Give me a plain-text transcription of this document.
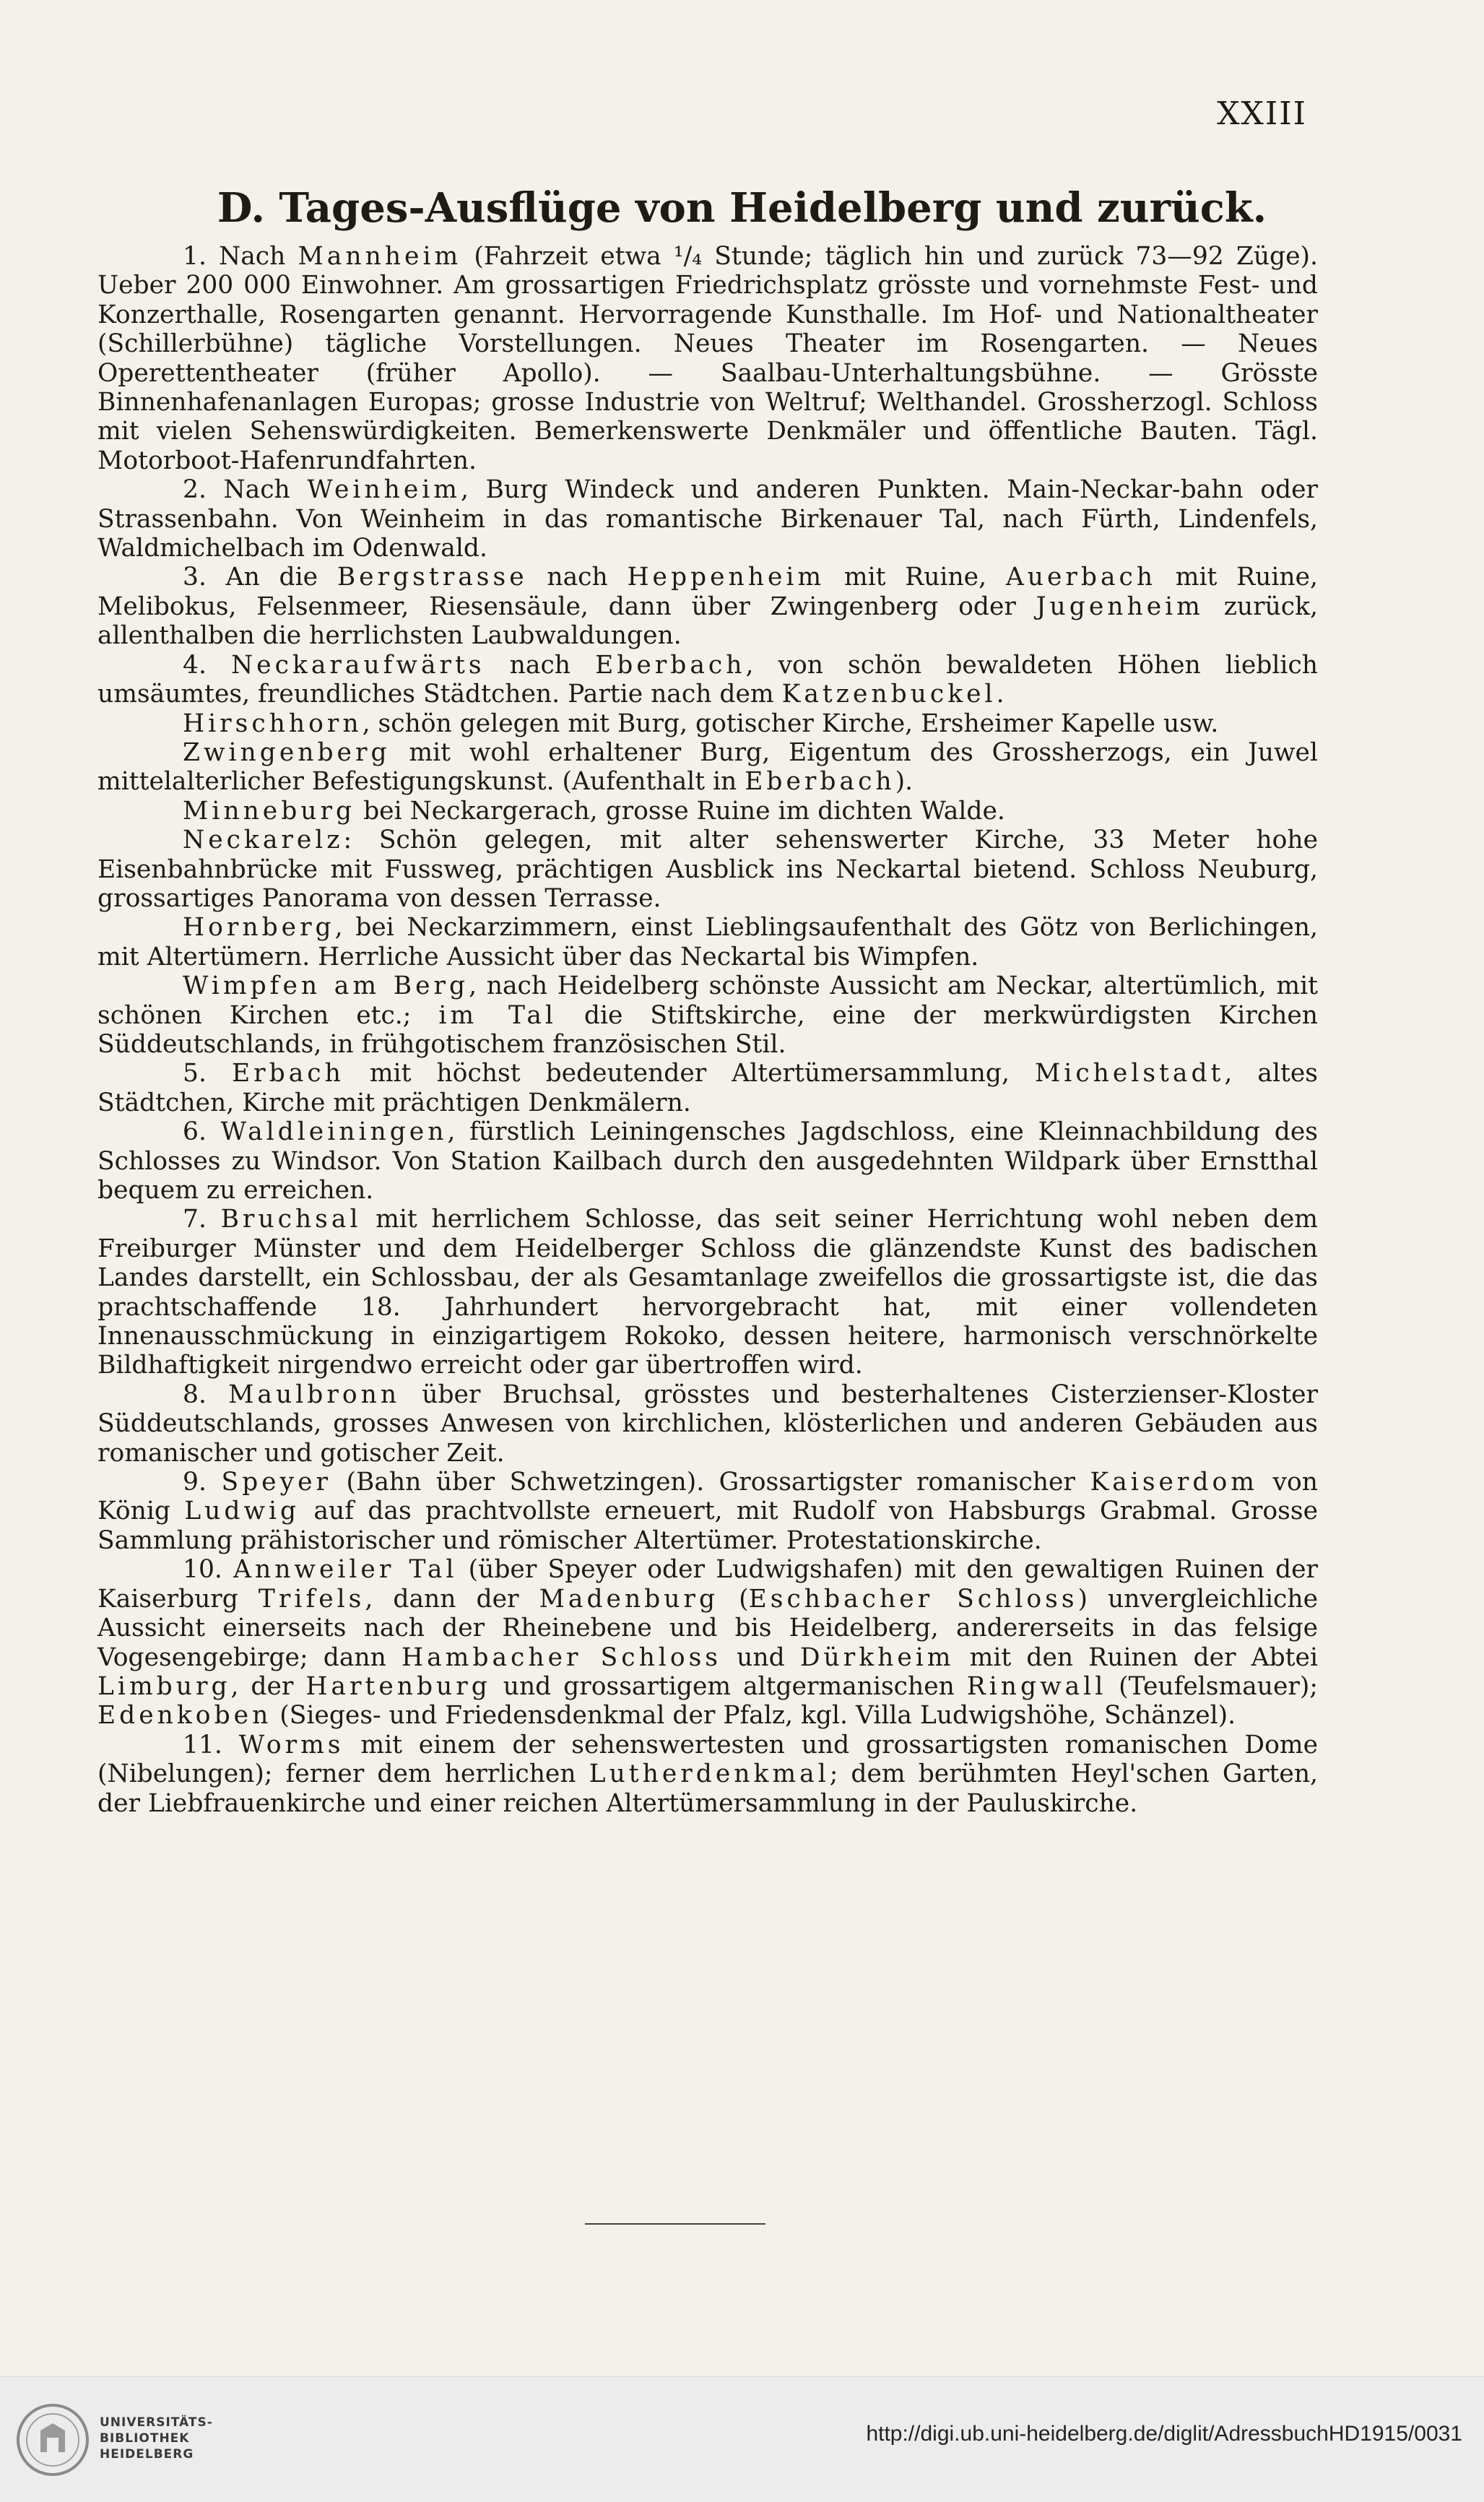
XXIII
D. Tages-Ausflüge von Heidelberg und zurück.

1. Nach Mannheim (Fahrzeit etwa ¹/₄ Stunde; täglich hin und zurück 73—92 Züge). Ueber 200 000 Einwohner. Am grossartigen Friedrichsplatz grösste und vornehmste Fest- und Konzerthalle, Rosengarten genannt. Hervorragende Kunsthalle. Im Hof- und Nationaltheater (Schillerbühne) tägliche Vorstellungen. Neues Theater im Rosengarten. — Neues Operettentheater (früher Apollo). — Saalbau-Unterhaltungsbühne. — Grösste Binnenhafenanlagen Europas; grosse Industrie von Weltruf; Welthandel. Grossherzogl. Schloss mit vielen Sehenswürdigkeiten. Bemerkenswerte Denkmäler und öffentliche Bauten. Tägl. Motorboot-Hafenrundfahrten.

2. Nach Weinheim, Burg Windeck und anderen Punkten. Main-Neckar-bahn oder Strassenbahn. Von Weinheim in das romantische Birkenauer Tal, nach Fürth, Lindenfels, Waldmichelbach im Odenwald.

3. An die Bergstrasse nach Heppenheim mit Ruine, Auerbach mit Ruine, Melibokus, Felsenmeer, Riesensäule, dann über Zwingenberg oder Jugenheim zurück, allenthalben die herrlichsten Laubwaldungen.

4. Neckaraufwärts nach Eberbach, von schön bewaldeten Höhen lieblich umsäumtes, freundliches Städtchen. Partie nach dem Katzenbuckel.

Hirschhorn, schön gelegen mit Burg, gotischer Kirche, Ersheimer Kapelle usw.

Zwingenberg mit wohl erhaltener Burg, Eigentum des Grossherzogs, ein Juwel mittelalterlicher Befestigungskunst. (Aufenthalt in Eberbach).

Minneburg bei Neckargerach, grosse Ruine im dichten Walde.

Neckarelz: Schön gelegen, mit alter sehenswerter Kirche, 33 Meter hohe Eisenbahnbrücke mit Fussweg, prächtigen Ausblick ins Neckartal bietend. Schloss Neuburg, grossartiges Panorama von dessen Terrasse.

Hornberg, bei Neckarzimmern, einst Lieblingsaufenthalt des Götz von Berlichingen, mit Altertümern. Herrliche Aussicht über das Neckartal bis Wimpfen.

Wimpfen am Berg, nach Heidelberg schönste Aussicht am Neckar, altertümlich, mit schönen Kirchen etc.; im Tal die Stiftskirche, eine der merkwürdigsten Kirchen Süddeutschlands, in frühgotischem französischen Stil.

5. Erbach mit höchst bedeutender Altertümersammlung, Michelstadt, altes Städtchen, Kirche mit prächtigen Denkmälern.

6. Waldleiningen, fürstlich Leiningensches Jagdschloss, eine Kleinnachbildung des Schlosses zu Windsor. Von Station Kailbach durch den ausgedehnten Wildpark über Ernstthal bequem zu erreichen.

7. Bruchsal mit herrlichem Schlosse, das seit seiner Herrichtung wohl neben dem Freiburger Münster und dem Heidelberger Schloss die glänzendste Kunst des badischen Landes darstellt, ein Schlossbau, der als Gesamtanlage zweifellos die grossartigste ist, die das prachtschaffende 18. Jahrhundert hervorgebracht hat, mit einer vollendeten Innenausschmückung in einzigartigem Rokoko, dessen heitere, harmonisch verschnörkelte Bildhaftigkeit nirgendwo erreicht oder gar übertroffen wird.

8. Maulbronn über Bruchsal, grösstes und besterhaltenes Cisterzienser-Kloster Süddeutschlands, grosses Anwesen von kirchlichen, klösterlichen und anderen Gebäuden aus romanischer und gotischer Zeit.

9. Speyer (Bahn über Schwetzingen). Grossartigster romanischer Kaiserdom von König Ludwig auf das prachtvollste erneuert, mit Rudolf von Habsburgs Grabmal. Grosse Sammlung prähistorischer und römischer Altertümer. Protestationskirche.

10. Annweiler Tal (über Speyer oder Ludwigshafen) mit den gewaltigen Ruinen der Kaiserburg Trifels, dann der Madenburg (Eschbacher Schloss) unvergleichliche Aussicht einerseits nach der Rheinebene und bis Heidelberg, andererseits in das felsige Vogesengebirge; dann Hambacher Schloss und Dürkheim mit den Ruinen der Abtei Limburg, der Hartenburg und grossartigem altgermanischen Ringwall (Teufelsmauer); Edenkoben (Sieges- und Friedensdenkmal der Pfalz, kgl. Villa Ludwigshöhe, Schänzel).

11. Worms mit einem der sehenswertesten und grossartigsten romanischen Dome (Nibelungen); ferner dem herrlichen Lutherdenkmal; dem berühmten Heyl'schen Garten, der Liebfrauenkirche und einer reichen Altertümersammlung in der Pauluskirche.

UNIVERSITÄTS-
BIBLIOTHEK
HEIDELBERG
http://digi.ub.uni-heidelberg.de/diglit/AdressbuchHD1915/0031
